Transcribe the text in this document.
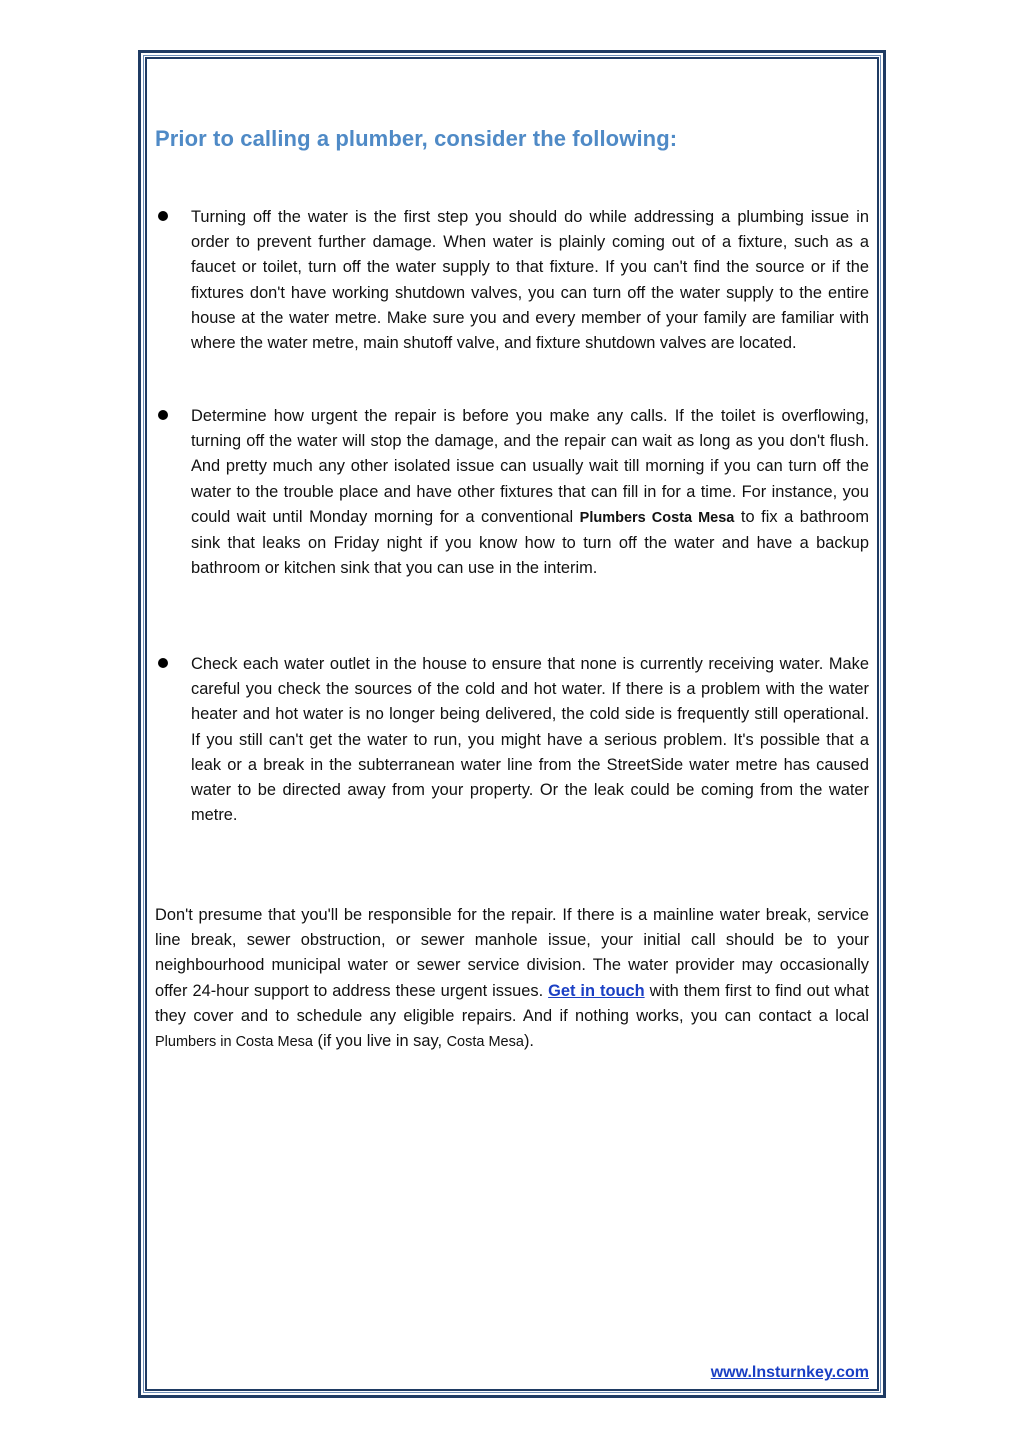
Prior to calling a plumber, consider the following:

Turning off the water is the first step you should do while addressing a plumbing issue in order to prevent further damage. When water is plainly coming out of a fixture, such as a faucet or toilet, turn off the water supply to that fixture. If you can't find the source or if the fixtures don't have working shutdown valves, you can turn off the water supply to the entire house at the water metre. Make sure you and every member of your family are familiar with where the water metre, main shutoff valve, and fixture shutdown valves are located.

Determine how urgent the repair is before you make any calls. If the toilet is overflowing, turning off the water will stop the damage, and the repair can wait as long as you don't flush. And pretty much any other isolated issue can usually wait till morning if you can turn off the water to the trouble place and have other fixtures that can fill in for a time. For instance, you could wait until Monday morning for a conventional Plumbers Costa Mesa to fix a bathroom sink that leaks on Friday night if you know how to turn off the water and have a backup bathroom or kitchen sink that you can use in the interim.

Check each water outlet in the house to ensure that none is currently receiving water. Make careful you check the sources of the cold and hot water. If there is a problem with the water heater and hot water is no longer being delivered, the cold side is frequently still operational. If you still can't get the water to run, you might have a serious problem. It's possible that a leak or a break in the subterranean water line from the StreetSide water metre has caused water to be directed away from your property. Or the leak could be coming from the water metre.

Don't presume that you'll be responsible for the repair. If there is a mainline water break, service line break, sewer obstruction, or sewer manhole issue, your initial call should be to your neighbourhood municipal water or sewer service division. The water provider may occasionally offer 24-hour support to address these urgent issues. Get in touch with them first to find out what they cover and to schedule any eligible repairs. And if nothing works, you can contact a local Plumbers in Costa Mesa (if you live in say, Costa Mesa).

www.lnsturnkey.com
